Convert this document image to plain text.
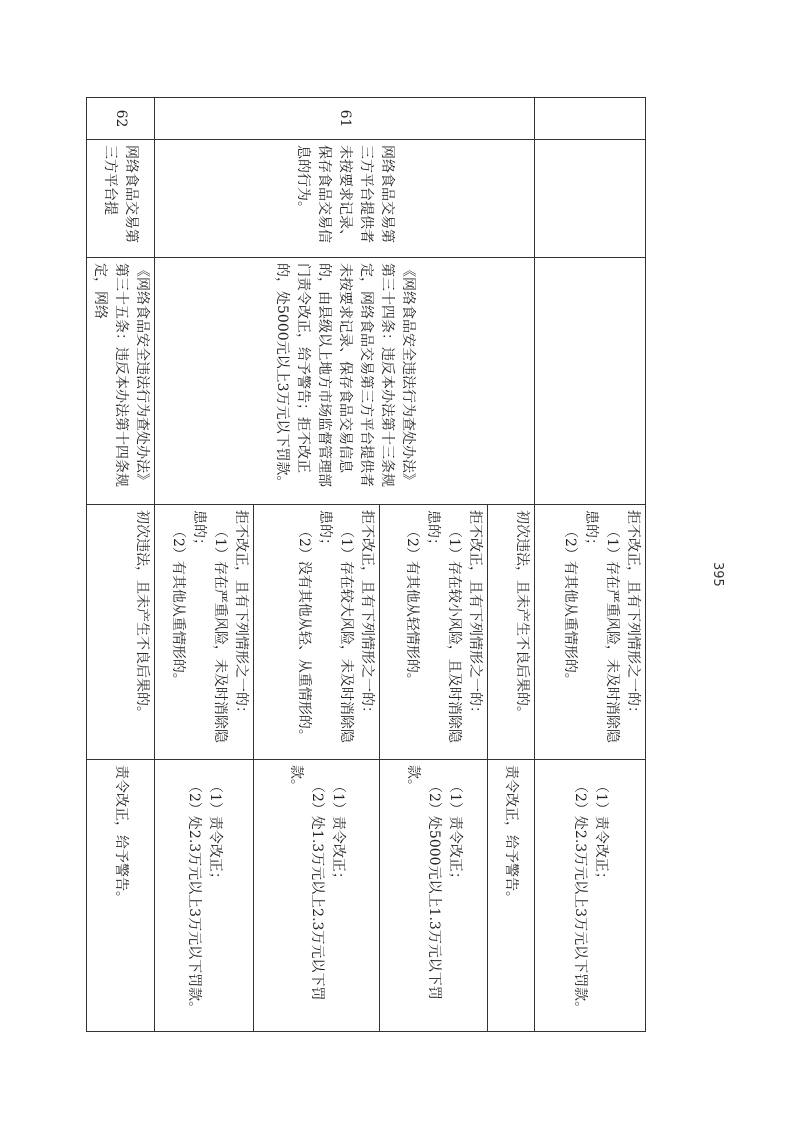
			拒不改正，且有下列情形之一的：
（1）存在严重风险，未及时消除隐患的；
（2）有其他从重情形的。	（1）责令改正；
（2）处2.3万元以上3万元以下罚款。

61	网络食品交易第三方平台提供者未按要求记录、保存食品交易信息的行为。	《网络食品安全违法行为查处办法》第三十四条：违反本办法第十三条规定，网络食品交易第三方平台提供者未按要求记录、保存食品交易信息的，由县级以上地方市场监督管理部门责令改正，给予警告；拒不改正的，处5000元以上3万元以下罚款。	初次违法，且未产生不良后果的。	责令改正，给予警告。

			拒不改正，且有下列情形之一的：
（1）存在较小风险，且及时消除隐患的；
（2）有其他从轻情形的。	（1）责令改正；
（2）处5000元以上1.3万元以下罚款。

			拒不改正，且有下列情形之一的：
（1）存在较大风险，未及时消除隐患的；
（2）没有其他从轻、从重情形的。	（1）责令改正；
（2）处1.3万元以上2.3万元以下罚款。

			拒不改正，且有下列情形之一的：
（1）存在严重风险，未及时消除隐患的；
（2）有其他从重情形的。	（1）责令改正；
（2）处2.3万元以上3万元以下罚款。

62	网络食品交易第三方平台提	《网络食品安全违法行为查处办法》第三十五条：违反本办法第十四条规定，网络	初次违法，且未产生不良后果的。	责令改正，给予警告。
395
